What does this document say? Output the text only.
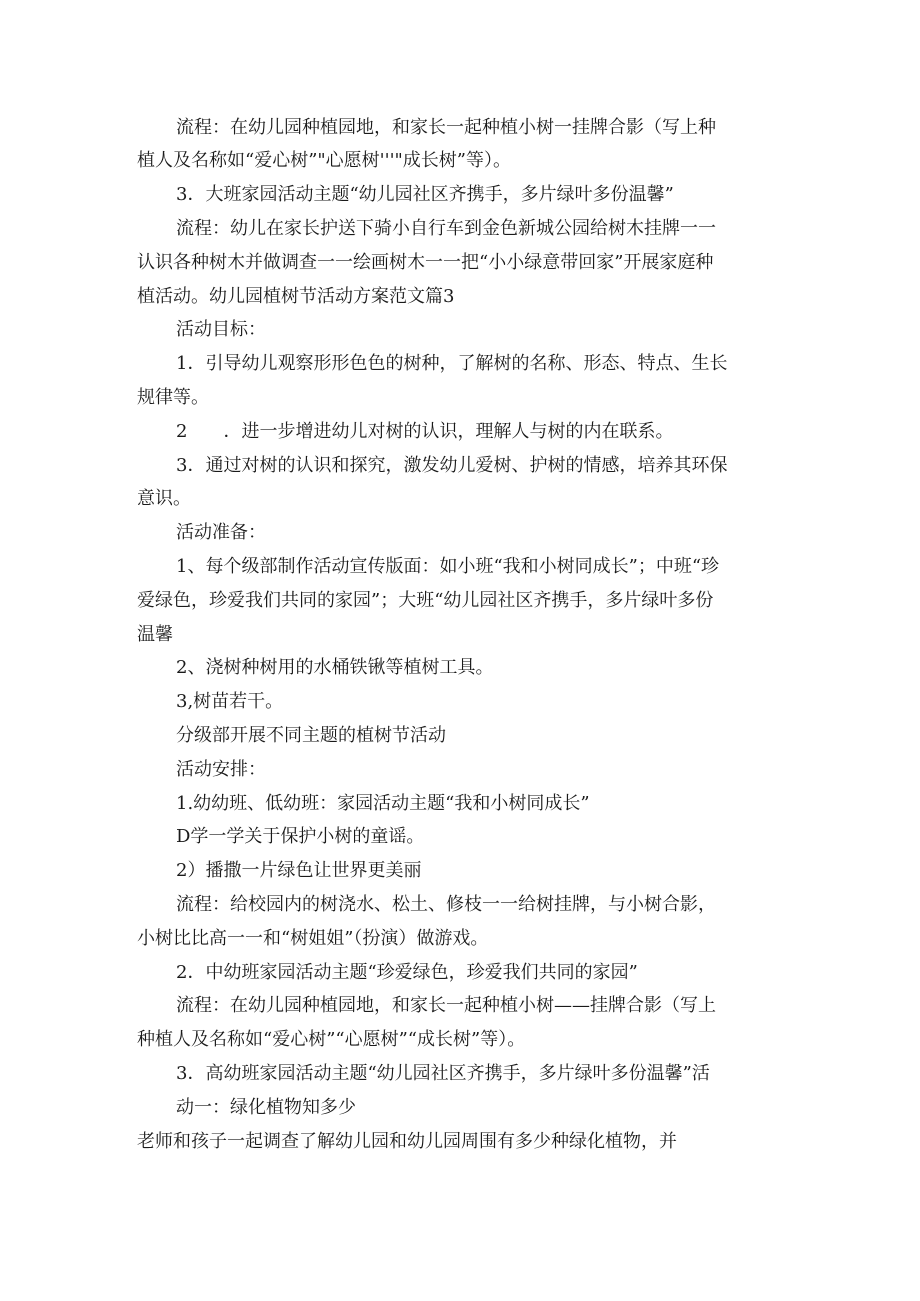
流程：在幼儿园种植园地，和家长一起种植小树一挂牌合影（写上种
植人及名称如“爱心树”"心愿树'''"成长树”等）。
3．大班家园活动主题“幼儿园社区齐携手，多片绿叶多份温馨”
流程：幼儿在家长护送下骑小自行车到金色新城公园给树木挂牌一一
认识各种树木并做调查一一绘画树木一一把“小小绿意带回家”开展家庭种
植活动。幼儿园植树节活动方案范文篇3
活动目标：
1．引导幼儿观察形形色色的树种，了解树的名称、形态、特点、生长
规律等。
2　　．进一步增进幼儿对树的认识，理解人与树的内在联系。
3．通过对树的认识和探究，激发幼儿爱树、护树的情感，培养其环保
意识。
活动准备：
1、每个级部制作活动宣传版面：如小班“我和小树同成长”；中班“珍
爱绿色，珍爱我们共同的家园”；大班“幼儿园社区齐携手，多片绿叶多份
温馨
2、浇树种树用的水桶铁锹等植树工具。
3,树苗若干。
分级部开展不同主题的植树节活动
活动安排：
1.幼幼班、低幼班：家园活动主题“我和小树同成长”
D学一学关于保护小树的童谣。
2）播撒一片绿色让世界更美丽
流程：给校园内的树浇水、松土、修枝一一给树挂牌，与小树合影，
小树比比高一一和“树姐姐”（扮演）做游戏。
2．中幼班家园活动主题“珍爱绿色，珍爱我们共同的家园”
流程：在幼儿园种植园地，和家长一起种植小树——挂牌合影（写上
种植人及名称如“爱心树”“心愿树”“成长树”等）。
3．高幼班家园活动主题“幼儿园社区齐携手，多片绿叶多份温馨”活
动一：绿化植物知多少
老师和孩子一起调查了解幼儿园和幼儿园周围有多少种绿化植物，并
